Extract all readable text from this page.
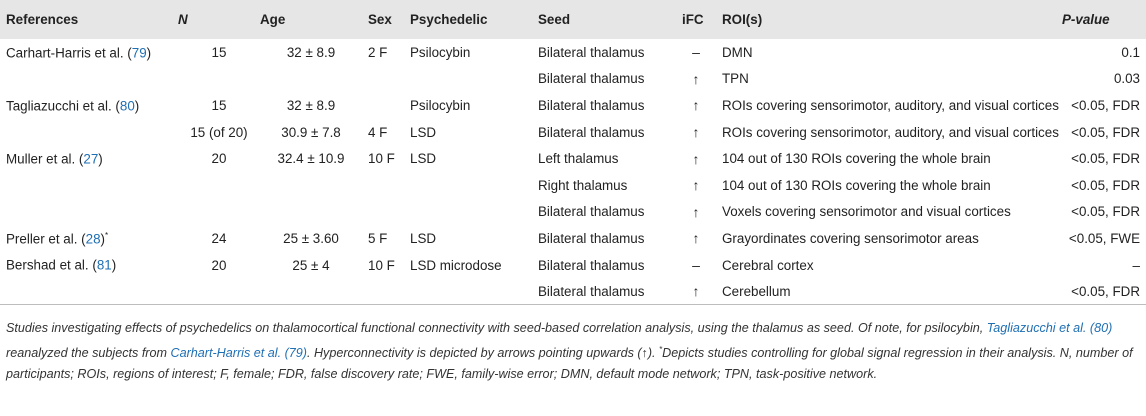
References	N	Age	Sex	Psychedelic	Seed	iFC	ROI(s)	P-value
Carhart-Harris et al. (79)	15	32 ± 8.9	2 F	Psilocybin	Bilateral thalamus	–	DMN	0.1
					Bilateral thalamus	↑	TPN	0.03
Tagliazucchi et al. (80)	15	32 ± 8.9		Psilocybin	Bilateral thalamus	↑	ROIs covering sensorimotor, auditory, and visual cortices	<0.05, FDR
	15 (of 20)	30.9 ± 7.8	4 F	LSD	Bilateral thalamus	↑	ROIs covering sensorimotor, auditory, and visual cortices	<0.05, FDR
Muller et al. (27)	20	32.4 ± 10.9	10 F	LSD	Left thalamus	↑	104 out of 130 ROIs covering the whole brain	<0.05, FDR
					Right thalamus	↑	104 out of 130 ROIs covering the whole brain	<0.05, FDR
					Bilateral thalamus	↑	Voxels covering sensorimotor and visual cortices	<0.05, FDR
Preller et al. (28)*	24	25 ± 3.60	5 F	LSD	Bilateral thalamus	↑	Grayordinates covering sensorimotor areas	<0.05, FWE
Bershad et al. (81)	20	25 ± 4	10 F	LSD microdose	Bilateral thalamus	–	Cerebral cortex	–
					Bilateral thalamus	↑	Cerebellum	<0.05, FDR
Studies investigating effects of psychedelics on thalamocortical functional connectivity with seed-based correlation analysis, using the thalamus as seed. Of note, for psilocybin, Tagliazucchi et al. (80) reanalyzed the subjects from Carhart-Harris et al. (79). Hyperconnectivity is depicted by arrows pointing upwards (↑). *Depicts studies controlling for global signal regression in their analysis. N, number of participants; ROIs, regions of interest; F, female; FDR, false discovery rate; FWE, family-wise error; DMN, default mode network; TPN, task-positive network.
